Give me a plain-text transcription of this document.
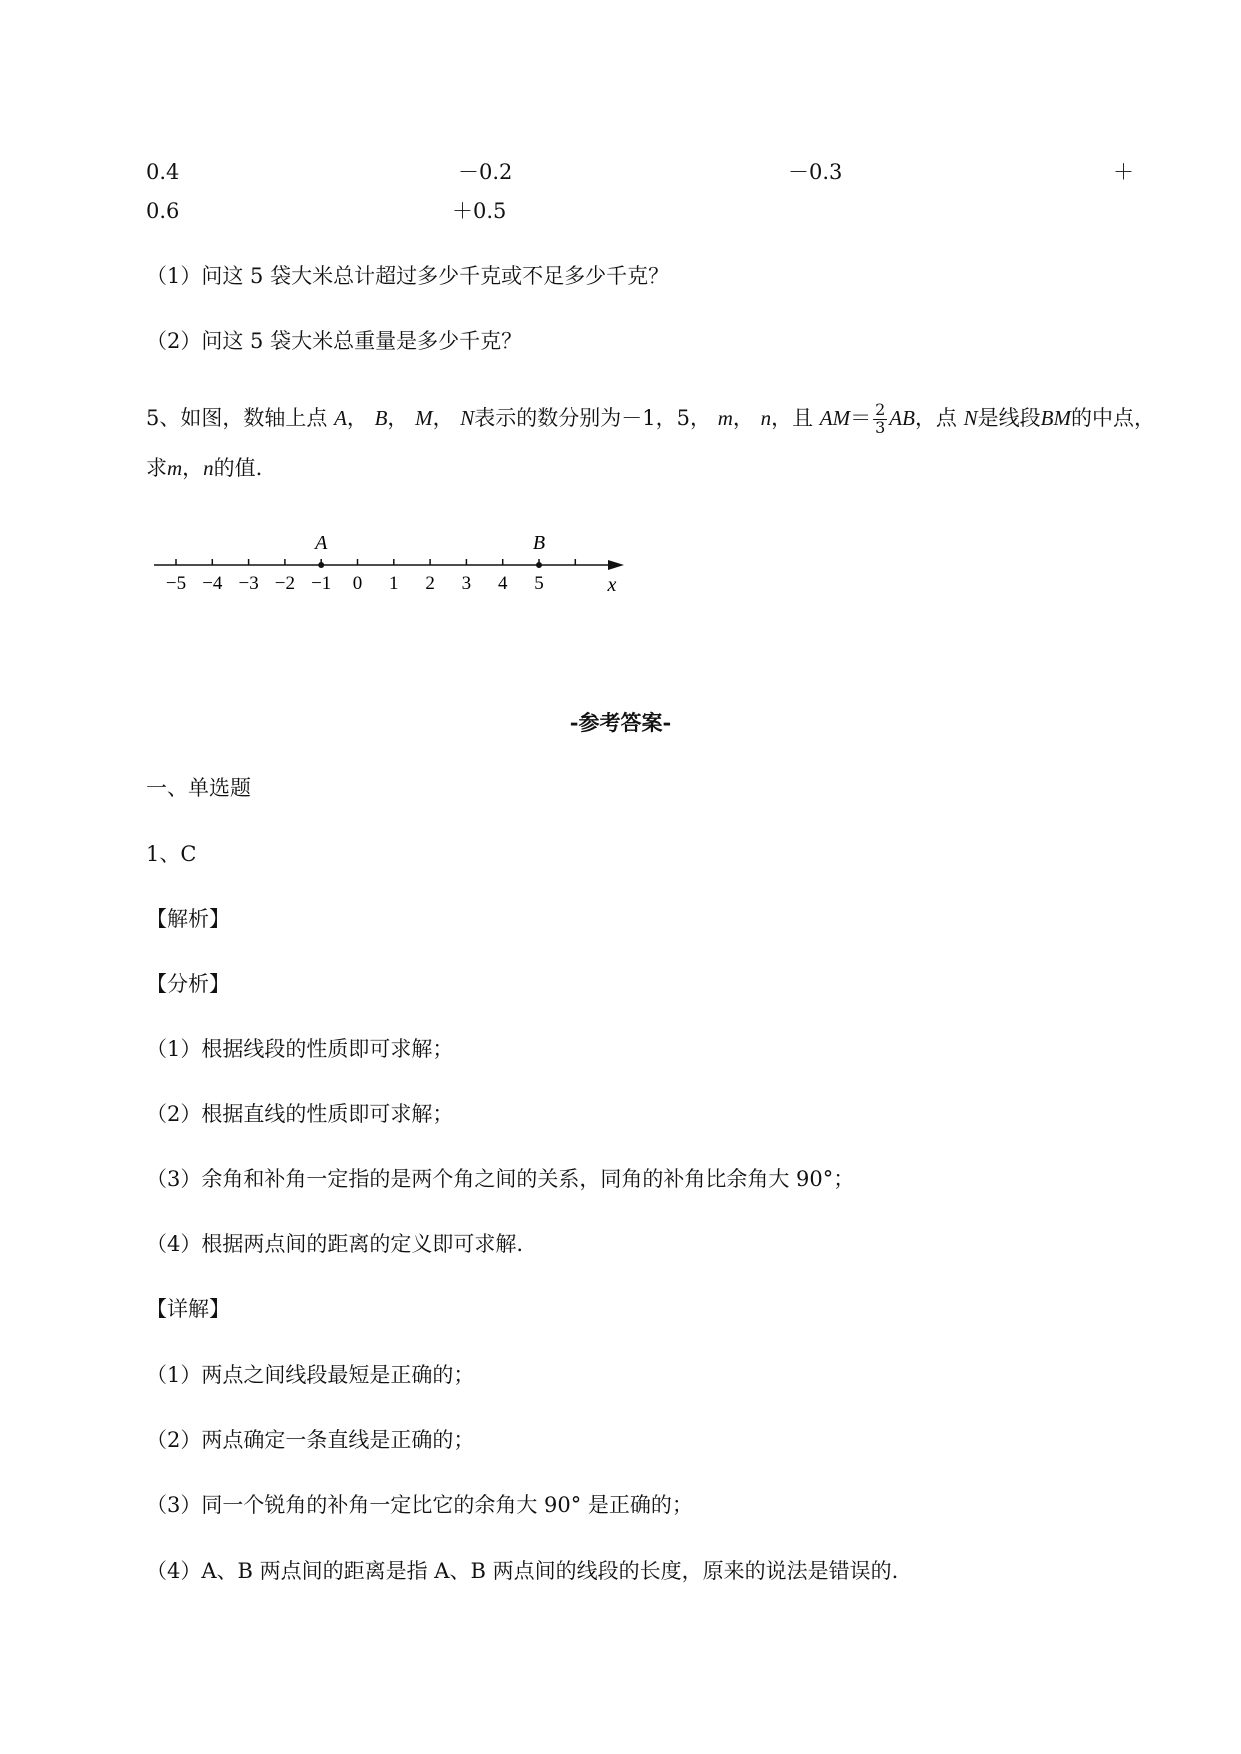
0.4	－0.2	－0.3	＋
0.6	＋0.5
（1）问这 5 袋大米总计超过多少千克或不足多少千克？
（2）问这 5 袋大米总重量是多少千克？
5、如图，数轴上点 A， B， M， N表示的数分别为－1，5， m， n，且 $AM= \frac{2}{3}$ AB，点 N是线段BM的中点，
求m，n的值.
−5 −4 −3 −2 −1 0 1 2 3 4 5
A	B
x
-参考答案-
一、单选题
1、C
【解析】
【分析】
（1）根据线段的性质即可求解；
（2）根据直线的性质即可求解；
（3）余角和补角一定指的是两个角之间的关系，同角的补角比余角大 90°；
（4）根据两点间的距离的定义即可求解.
【详解】
（1）两点之间线段最短是正确的；
（2）两点确定一条直线是正确的；
（3）同一个锐角的补角一定比它的余角大 90° 是正确的；
（4）A、B 两点间的距离是指 A、B 两点间的线段的长度，原来的说法是错误的.
